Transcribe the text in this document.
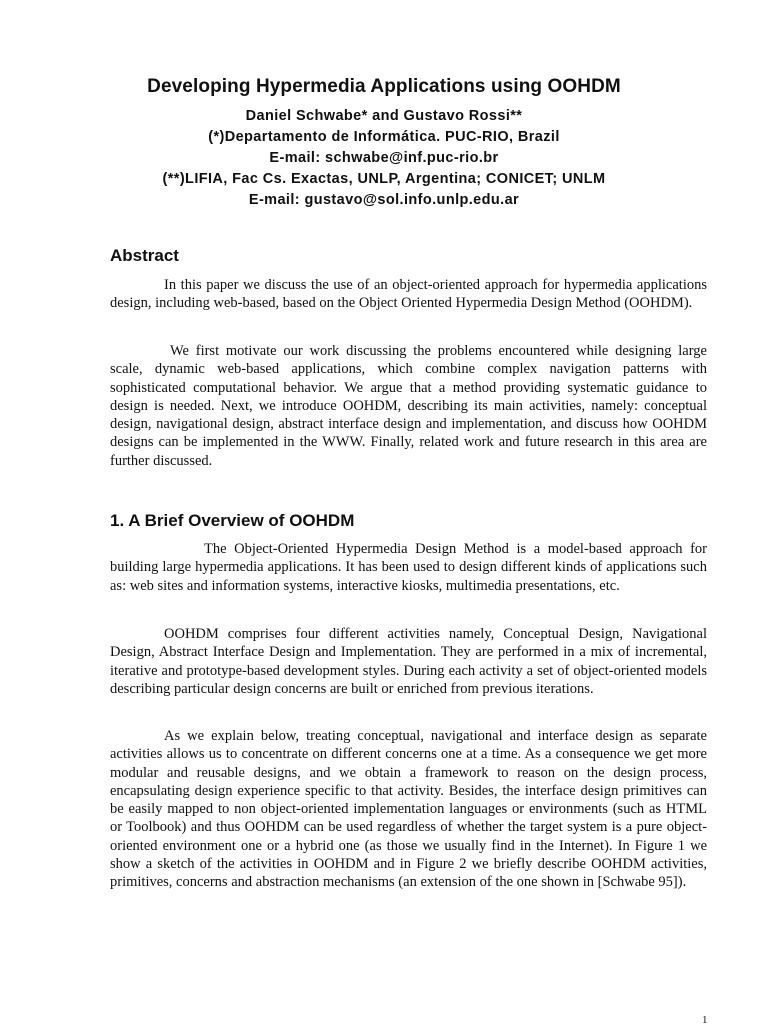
Developing Hypermedia Applications using OOHDM

Daniel Schwabe* and Gustavo Rossi**

(*)Departamento de Informática. PUC-RIO, Brazil

E-mail: schwabe@inf.puc-rio.br

(**)LIFIA, Fac Cs. Exactas, UNLP, Argentina; CONICET; UNLM

E-mail: gustavo@sol.info.unlp.edu.ar

Abstract

In this paper we discuss the use of an object-oriented approach for hypermedia applications design, including web-based, based on the Object Oriented Hypermedia Design Method (OOHDM).

We first motivate our work discussing the problems encountered while designing large scale, dynamic web-based applications, which combine complex navigation patterns with sophisticated computational behavior. We argue that a method providing systematic guidance to design is needed. Next, we introduce OOHDM, describing its main activities, namely: conceptual design, navigational design, abstract interface design and implementation, and discuss how OOHDM designs can be implemented in the WWW. Finally, related work and future research in this area are further discussed.

1. A Brief Overview of OOHDM

The Object-Oriented Hypermedia Design Method is a model-based approach for building large hypermedia applications. It has been used to design different kinds of applications such as: web sites and information systems, interactive kiosks, multimedia presentations, etc.

OOHDM comprises four different activities namely, Conceptual Design, Navigational Design, Abstract Interface Design and Implementation. They are performed in a mix of incremental, iterative and prototype-based development styles. During each activity a set of object-oriented models describing particular design concerns are built or enriched from previous iterations.

As we explain below, treating conceptual, navigational and interface design as separate activities allows us to concentrate on different concerns one at a time. As a consequence we get more modular and reusable designs, and we obtain a framework to reason on the design process, encapsulating design experience specific to that activity. Besides, the interface design primitives can be easily mapped to non object-oriented implementation languages or environments (such as HTML or Toolbook) and thus OOHDM can be used regardless of whether the target system is a pure object-oriented environment one or a hybrid one (as those we usually find in the Internet). In Figure 1 we show a sketch of the activities in OOHDM and in Figure 2 we briefly describe OOHDM activities, primitives, concerns and abstraction mechanisms (an extension of the one shown in [Schwabe 95]).

1
